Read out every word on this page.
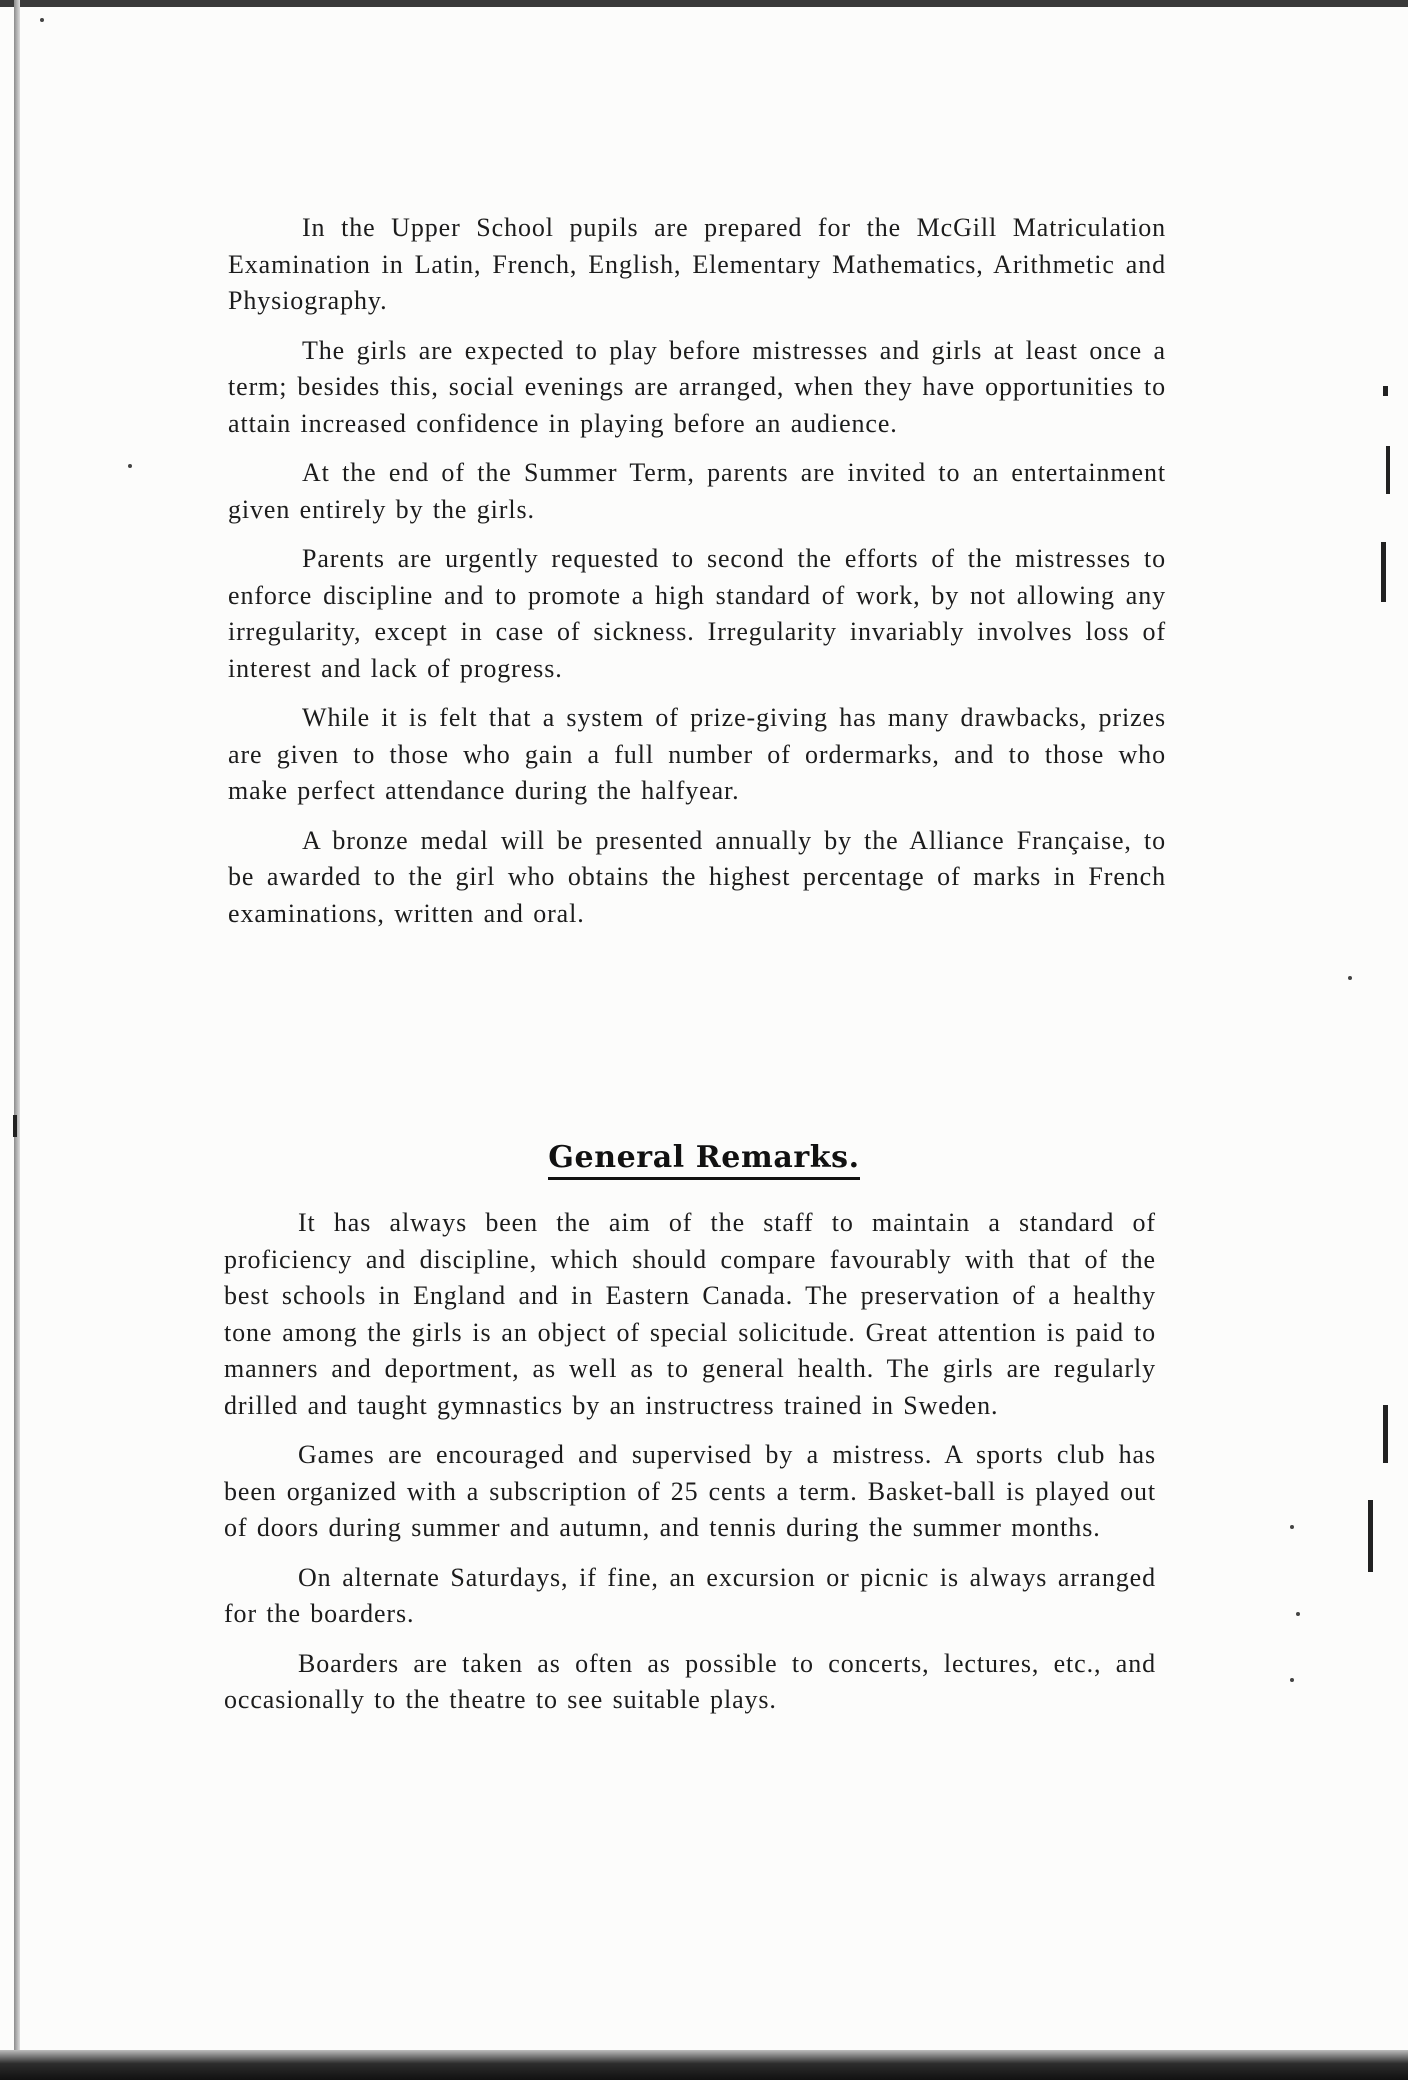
In the Upper School pupils are prepared for the McGill Matriculation Examination in Latin, French, English, Elementary Mathematics, Arithmetic and Physiography.

The girls are expected to play before mistresses and girls at least once a term; besides this, social evenings are arranged, when they have opportunities to attain increased confidence in playing before an audience.

At the end of the Summer Term, parents are invited to an entertainment given entirely by the girls.

Parents are urgently requested to second the efforts of the mistresses to enforce discipline and to promote a high standard of work, by not allowing any irregularity, except in case of sickness. Irregularity invariably involves loss of interest and lack of progress.

While it is felt that a system of prize-giving has many drawbacks, prizes are given to those who gain a full number of ordermarks, and to those who make perfect attendance during the halfyear.

A bronze medal will be presented annually by the Alliance Française, to be awarded to the girl who obtains the highest percentage of marks in French examinations, written and oral.

General Remarks.

It has always been the aim of the staff to maintain a standard of proficiency and discipline, which should compare favourably with that of the best schools in England and in Eastern Canada. The preservation of a healthy tone among the girls is an object of special solicitude. Great attention is paid to manners and deportment, as well as to general health. The girls are regularly drilled and taught gymnastics by an instructress trained in Sweden.

Games are encouraged and supervised by a mistress. A sports club has been organized with a subscription of 25 cents a term. Basket-ball is played out of doors during summer and autumn, and tennis during the summer months.

On alternate Saturdays, if fine, an excursion or picnic is always arranged for the boarders.

Boarders are taken as often as possible to concerts, lectures, etc., and occasionally to the theatre to see suitable plays.
